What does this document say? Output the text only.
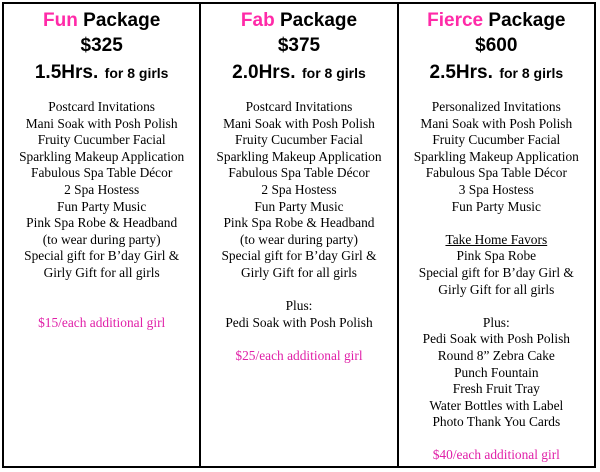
Fun Package
$325
1.5Hrs. for 8 girls
Postcard Invitations
Mani Soak with Posh Polish
Fruity Cucumber Facial
Sparkling Makeup Application
Fabulous Spa Table Décor
2 Spa Hostess
Fun Party Music
Pink Spa Robe & Headband
(to wear during party)
Special gift for B’day Girl &
Girly Gift for all girls
$15/each additional girl
Fab Package
$375
2.0Hrs. for 8 girls
Postcard Invitations
Mani Soak with Posh Polish
Fruity Cucumber Facial
Sparkling Makeup Application
Fabulous Spa Table Décor
2 Spa Hostess
Fun Party Music
Pink Spa Robe & Headband
(to wear during party)
Special gift for B’day Girl &
Girly Gift for all girls
Plus:
Pedi Soak with Posh Polish
$25/each additional girl
Fierce Package
$600
2.5Hrs. for 8 girls
Personalized Invitations
Mani Soak with Posh Polish
Fruity Cucumber Facial
Sparkling Makeup Application
Fabulous Spa Table Décor
3 Spa Hostess
Fun Party Music
Take Home Favors
Pink Spa Robe
Special gift for B’day Girl &
Girly Gift for all girls
Plus:
Pedi Soak with Posh Polish
Round 8” Zebra Cake
Punch Fountain
Fresh Fruit Tray
Water Bottles with Label
Photo Thank You Cards
$40/each additional girl
